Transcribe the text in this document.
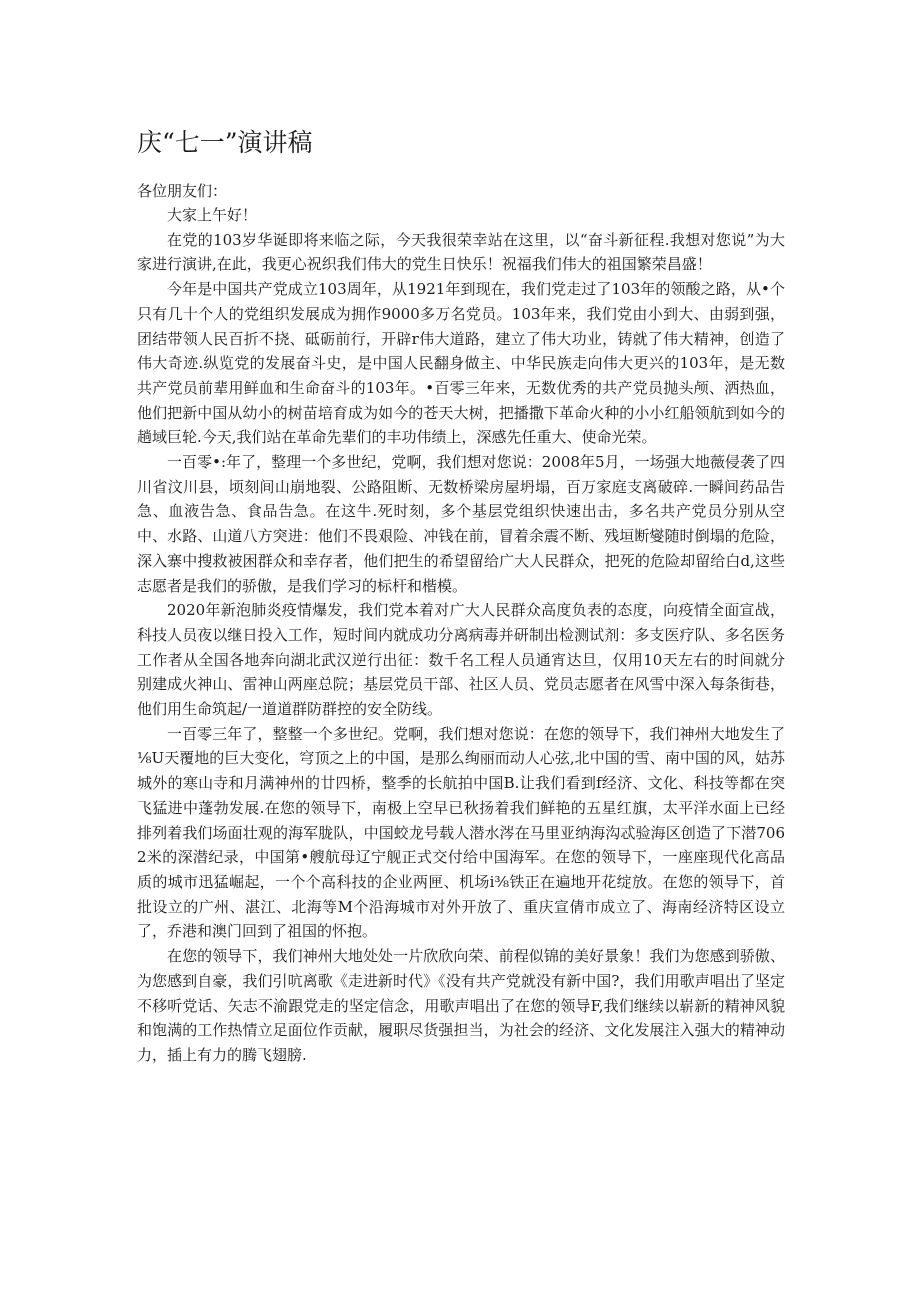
庆“七一”演讲稿
各位朋友们：

大家上午好！

在党的103岁华诞即将来临之际，今天我很荣幸站在这里，以“奋斗新征程.我想对您说”为大家进行演讲,在此，我更心祝织我们伟大的党生日快乐！祝福我们伟大的祖国繁荣昌盛！

今年是中国共产党成立103周年，从1921年到现在，我们党走过了103年的领酸之路，从•个只有几十个人的党组织发展成为拥作9000多万名党员。103年来，我们党由小到大、由弱到强，团结带领人民百折不挠、砥砺前行，开辟r伟大道路，建立了伟大功业，铸就了伟大精神，创造了伟大奇迹.纵览党的发展奋斗史，是中国人民翻身做主、中华民族走向伟大更兴的103年，是无数共产党员前辈用鲜血和生命奋斗的103年。•百零三年来，无数优秀的共产党员抛头颅、洒热血，他们把新中国从幼小的树苗培育成为如今的苍天大树，把播撒下革命火种的小小红船领航到如今的趟域巨轮.今天,我们站在革命先辈们的丰功伟绩上，深感先任重大、使命光荣。

一百零•:年了，整理一个多世纪，党啊，我们想对您说：2008年5月，一场强大地薇侵袭了四川省汶川县，顷刻间山崩地裂、公路阻断、无数桥梁房屋坍塌，百万家庭支离破碎.一瞬间药品告急、血液告急、食品告急。在这牛.死时刻，多个基层党组织快速出击，多名共产党员分别从空中、水路、山道八方突进：他们不畏艰险、冲钱在前，冒着余震不断、残垣断燮随时倒塌的危险，深入寨中搜救被困群众和幸存者，他们把生的希望留给广大人民群众，把死的危险却留给白d,这些志愿者是我们的骄傲，是我们学习的标杆和楷模。

2020年新泡肺炎疫情爆发，我们党本着对广大人民群众高度负表的态度，向疫情全面宣战，科技人员夜以继日投入工作，短时间内就成功分离病毒并研制出检测试剂：多支医疗队、多名医务工作者从全国各地奔向湖北武汉逆行出征：数千名工程人员通宵达旦，仅用10天左右的时间就分别建成火神山、雷神山两座总院；基层党员干部、社区人员、党员志愿者在风雪中深入每条街巷，他们用生命筑起/一道道群防群控的安全防线。

一百零三年了，整整一个多世纪。党啊，我们想对您说：在您的领导下，我们神州大地发生了⅛U天覆地的巨大变化，穹顶之上的中国，是那么绚丽而动人心弦,北中国的雪、南中国的风，姑苏城外的寒山寺和月满神州的廿四桥，整季的长航拍中国B.让我们看到f经济、文化、科技等都在突飞猛进中蓬勃发展.在您的领导下，南极上空早已秋扬着我们鲜艳的五星红旗，太平洋水面上已经排列着我们场面壮观的海军胧队，中国蛟龙号载人潜水涔在马里亚纳海沟忒验海区创造了下潜7062米的深潜纪录，中国第•艘航母辽宁舰正式交付给中国海军。在您的领导下，一座座现代化高品质的城市迅猛崛起，一个个高科技的企业两匣、机场i⅜铁正在遍地开花绽放。在您的领导下，首批设立的广州、湛江、北海等M个沿海城市对外开放了、重庆宣倩市成立了、海南经济特区设立了，乔港和澳门回到了祖国的怀抱。

在您的领导下，我们神州大地处处一片欣欣向荣、前程似锦的美好景象！我们为您感到骄傲、为您感到自豪，我们引吭离歌《走进新时代》《没有共产党就没有新中国?，我们用歌声唱出了坚定不移听党话、矢志不渝跟党走的坚定信念，用歌声唱出了在您的领导F,我们继续以崭新的精神风貌和饱满的工作热情立足面位作贡献，履职尽货强担当，为社会的经济、文化发展注入强大的精神动力，插上有力的腾飞翅膀.
